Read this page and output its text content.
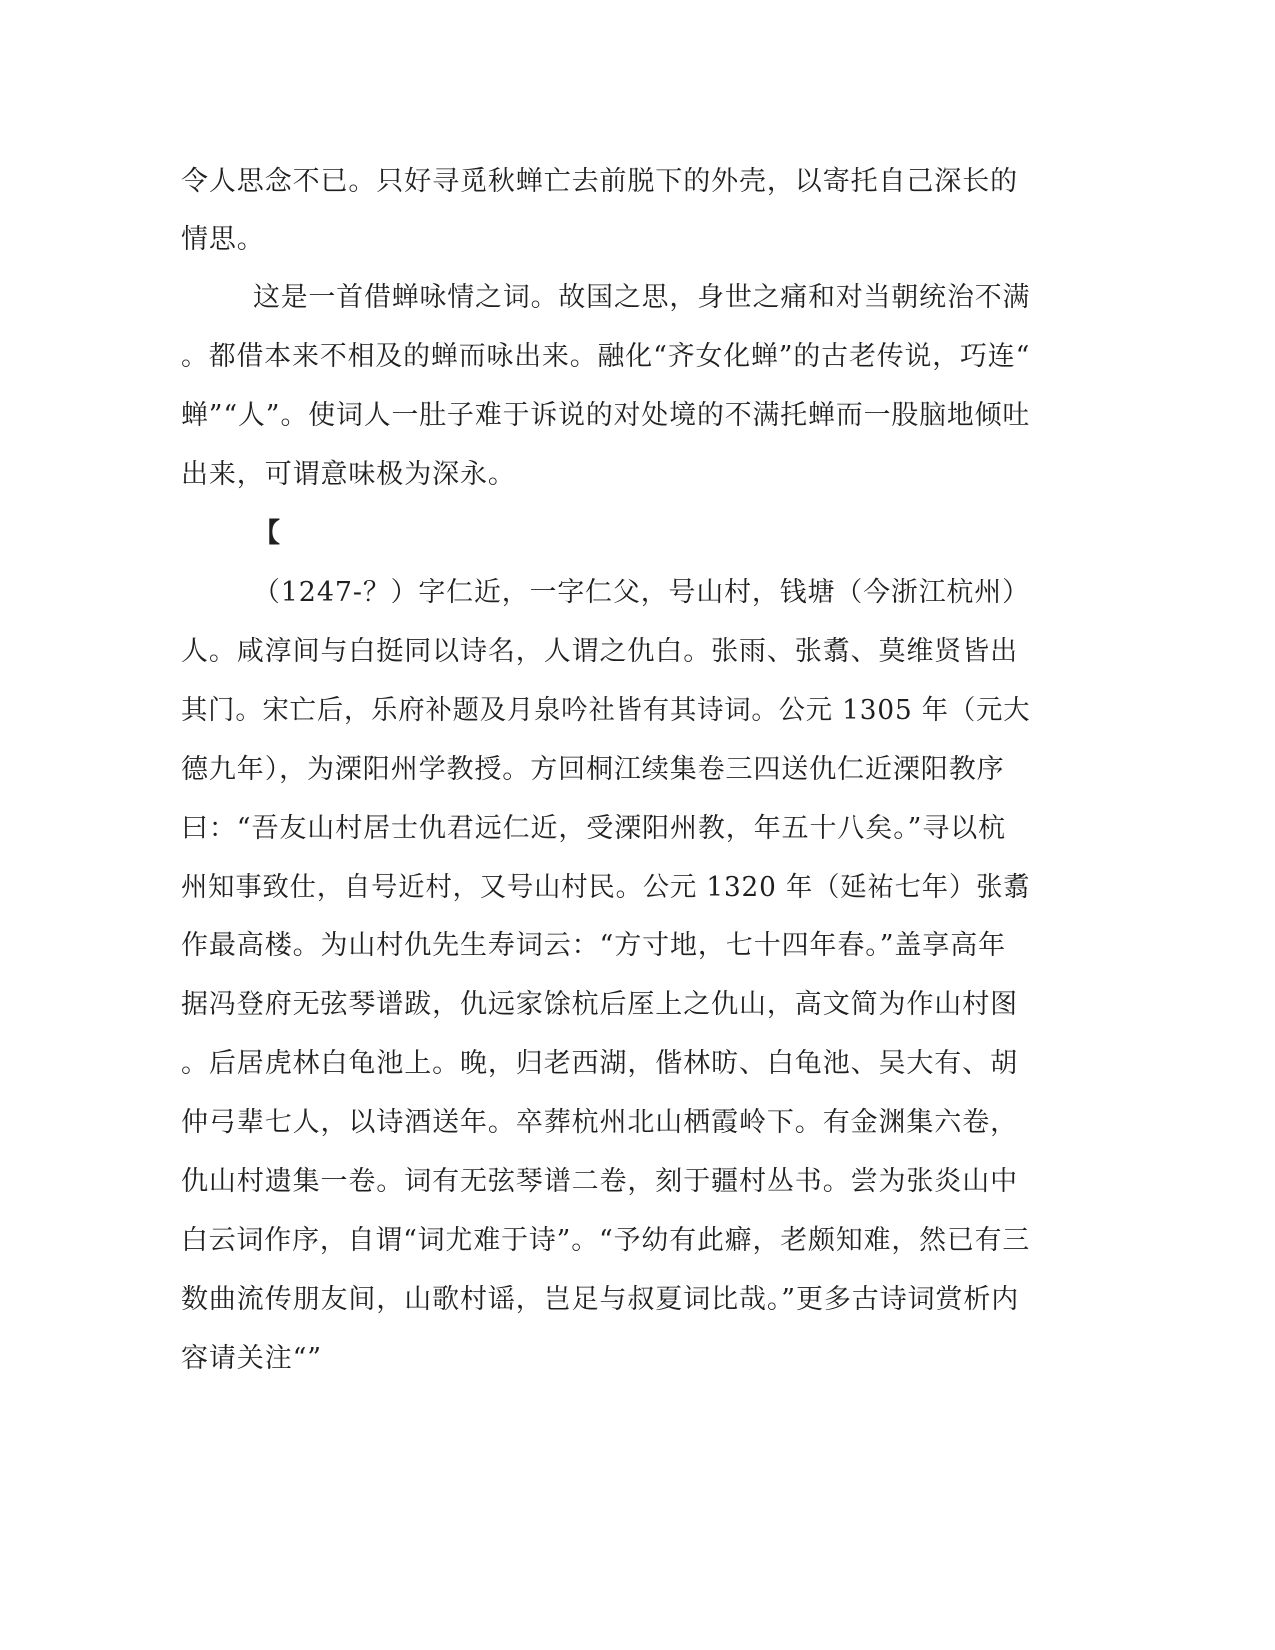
令人思念不已。只好寻觅秋蝉亡去前脱下的外壳，以寄托自己深长的
情思。
这是一首借蝉咏情之词。故国之思，身世之痛和对当朝统治不满
。都借本来不相及的蝉而咏出来。融化“齐女化蝉”的古老传说，巧连“
蝉”“人”。使词人一肚子难于诉说的对处境的不满托蝉而一股脑地倾吐
出来，可谓意味极为深永。
【
（1247-？）字仁近，一字仁父，号山村，钱塘（今浙江杭州）
人。咸淳间与白挺同以诗名，人谓之仇白。张雨、张翥、莫维贤皆出
其门。宋亡后，乐府补题及月泉吟社皆有其诗词。公元 1305 年（元大
德九年），为溧阳州学教授。方回桐江续集卷三四送仇仁近溧阳教序
曰：“吾友山村居士仇君远仁近，受溧阳州教，年五十八矣。”寻以杭
州知事致仕，自号近村，又号山村民。公元 1320 年（延祐七年）张翥
作最高楼。为山村仇先生寿词云：“方寸地，七十四年春。”盖享高年
据冯登府无弦琴谱跋，仇远家馀杭后厔上之仇山，高文简为作山村图
。后居虎林白龟池上。晚，归老西湖，偕林昉、白龟池、吴大有、胡
仲弓辈七人，以诗酒送年。卒葬杭州北山栖霞岭下。有金渊集六卷，
仇山村遗集一卷。词有无弦琴谱二卷，刻于疆村丛书。尝为张炎山中
白云词作序，自谓“词尤难于诗”。“予幼有此癖，老颇知难，然已有三
数曲流传朋友间，山歌村谣，岂足与叔夏词比哉。”更多古诗词赏析内
容请关注“”
